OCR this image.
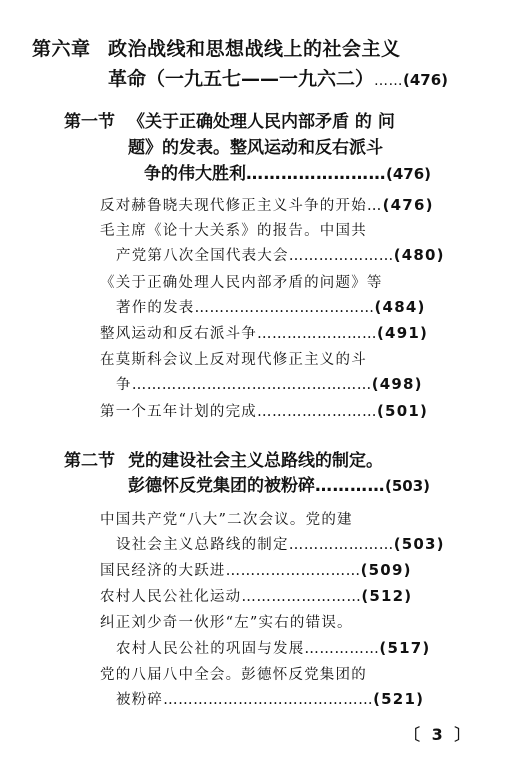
第六章 政治战线和思想战线上的社会主义
革命（一九五七——一九六二）……(476)
第一节 《关于正确处理人民内部矛盾 的 问
题》的发表。整风运动和反右派斗
争的伟大胜利……………………(476)
反对赫鲁晓夫现代修正主义斗争的开始…(476)
毛主席《论十大关系》的报告。中国共
产党第八次全国代表大会…………………(480)
《关于正确处理人民内部矛盾的问题》等
著作的发表………………………………(484)
整风运动和反右派斗争……………………(491)
在莫斯科会议上反对现代修正主义的斗
争…………………………………………(498)
第一个五年计划的完成……………………(501)
第二节 党的建设社会主义总路线的制定。
彭德怀反党集团的被粉碎…………(503)
中国共产党“八大”二次会议。党的建
设社会主义总路线的制定…………………(503)
国民经济的大跃进………………………(509)
农村人民公社化运动……………………(512)
纠正刘少奇一伙形“左”实右的错误。
农村人民公社的巩固与发展……………(517)
党的八届八中全会。彭德怀反党集团的
被粉碎……………………………………(521)
〔 3 〕
